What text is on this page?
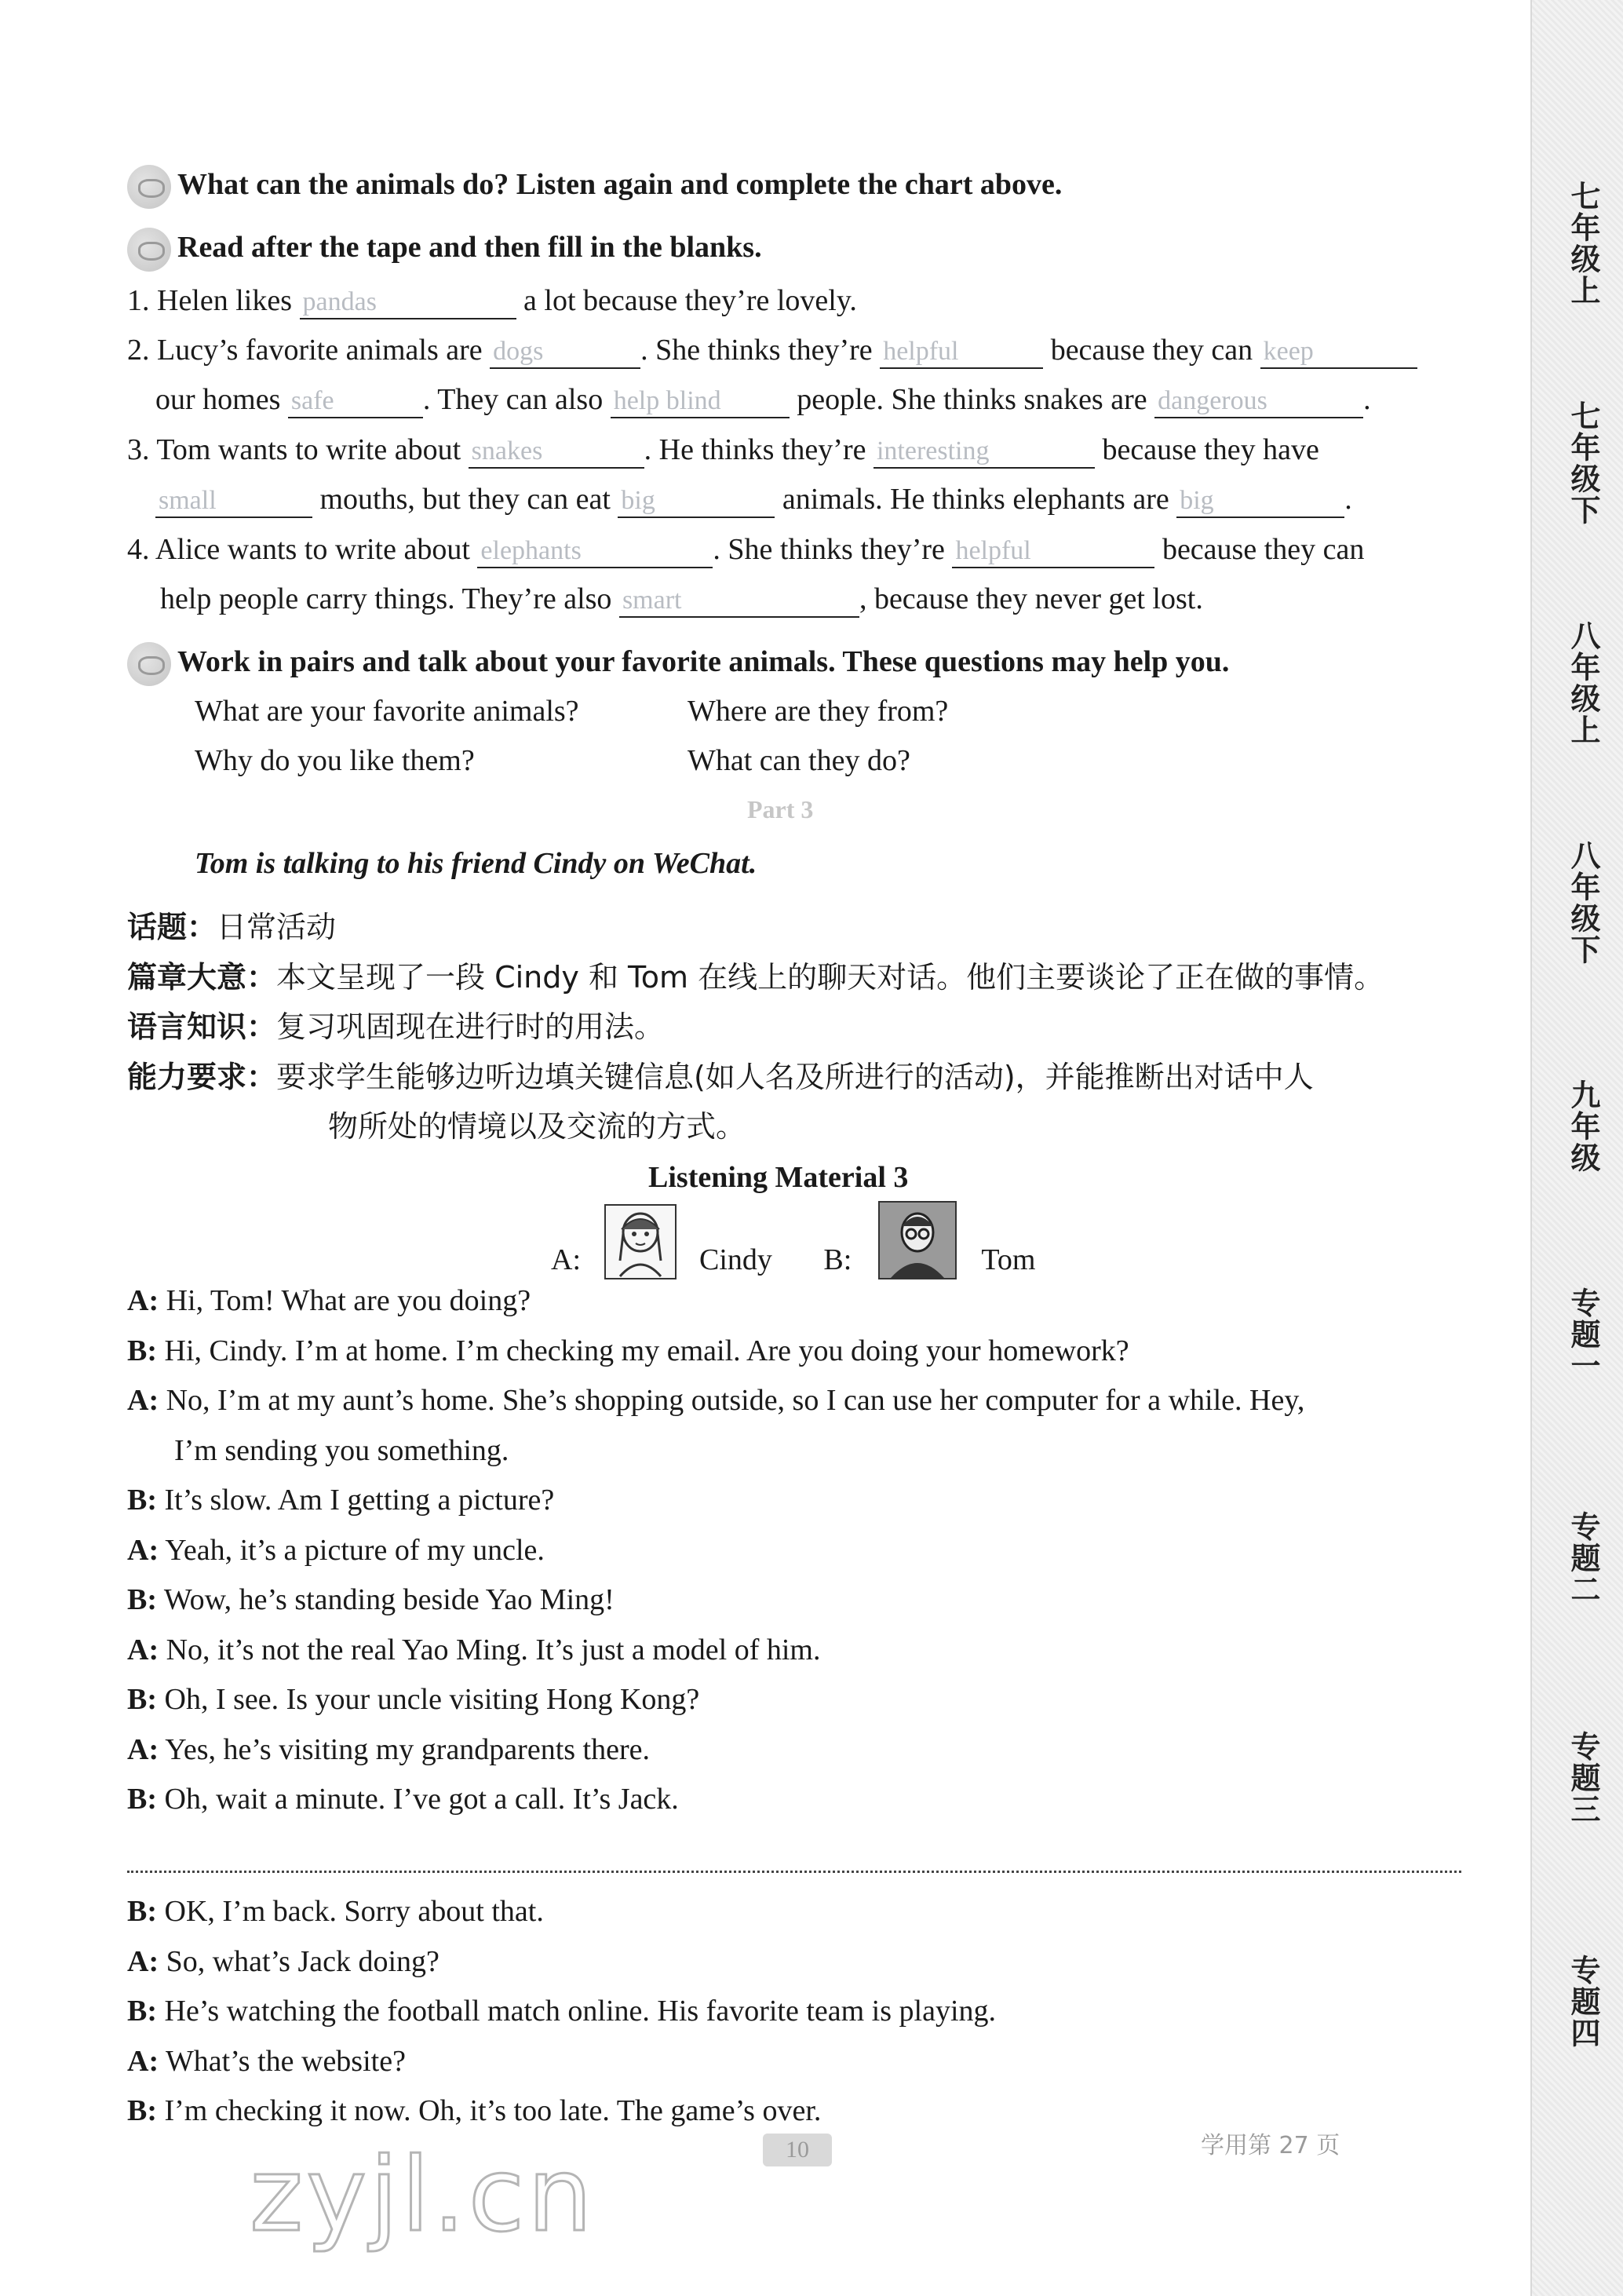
七年级上
七年级下
八年级上
八年级下
九年级
专题一
专题二
专题三
专题四
What can the animals do? Listen again and complete the chart above.
Read after the tape and then fill in the blanks.
1. Helen likes pandas	a lot because they’re lovely.
2. Lucy’s favorite animals are dogs	. She thinks they’re helpful	because they can keep
our homes safe	. They can also help blind	people. She thinks snakes are dangerous	.
3. Tom wants to write about snakes	. He thinks they’re interesting	because they have
small	mouths, but they can eat big	animals. He thinks elephants are big	.
4. Alice wants to write about elephants	. She thinks they’re helpful	because they can
help people carry things. They’re also smart	, because they never get lost.
Work in pairs and talk about your favorite animals. These questions may help you.
What are your favorite animals?	Where are they from?
Why do you like them?	What can they do?
Part 3
Tom is talking to his friend Cindy on WeChat.
话题：日常活动
篇章大意：本文呈现了一段 Cindy 和 Tom 在线上的聊天对话。他们主要谈论了正在做的事情。
语言知识：复习巩固现在进行时的用法。
能力要求：要求学生能够边听边填关键信息(如人名及所进行的活动)，并能推断出对话中人
物所处的情境以及交流的方式。
Listening Material 3
A:	Cindy B:	Tom
A: Hi, Tom! What are you doing?
B: Hi, Cindy. I’m at home. I’m checking my email. Are you doing your homework?
A: No, I’m at my aunt’s home. She’s shopping outside, so I can use her computer for a while. Hey,
I’m sending you something.
B: It’s slow. Am I getting a picture?
A: Yeah, it’s a picture of my uncle.
B: Wow, he’s standing beside Yao Ming!
A: No, it’s not the real Yao Ming. It’s just a model of him.
B: Oh, I see. Is your uncle visiting Hong Kong?
A: Yes, he’s visiting my grandparents there.
B: Oh, wait a minute. I’ve got a call. It’s Jack.
B: OK, I’m back. Sorry about that.
A: So, what’s Jack doing?
B: He’s watching the football match online. His favorite team is playing.
A: What’s the website?
B: I’m checking it now. Oh, it’s too late. The game’s over.
zyjl.cn	10	学用第 27 页
